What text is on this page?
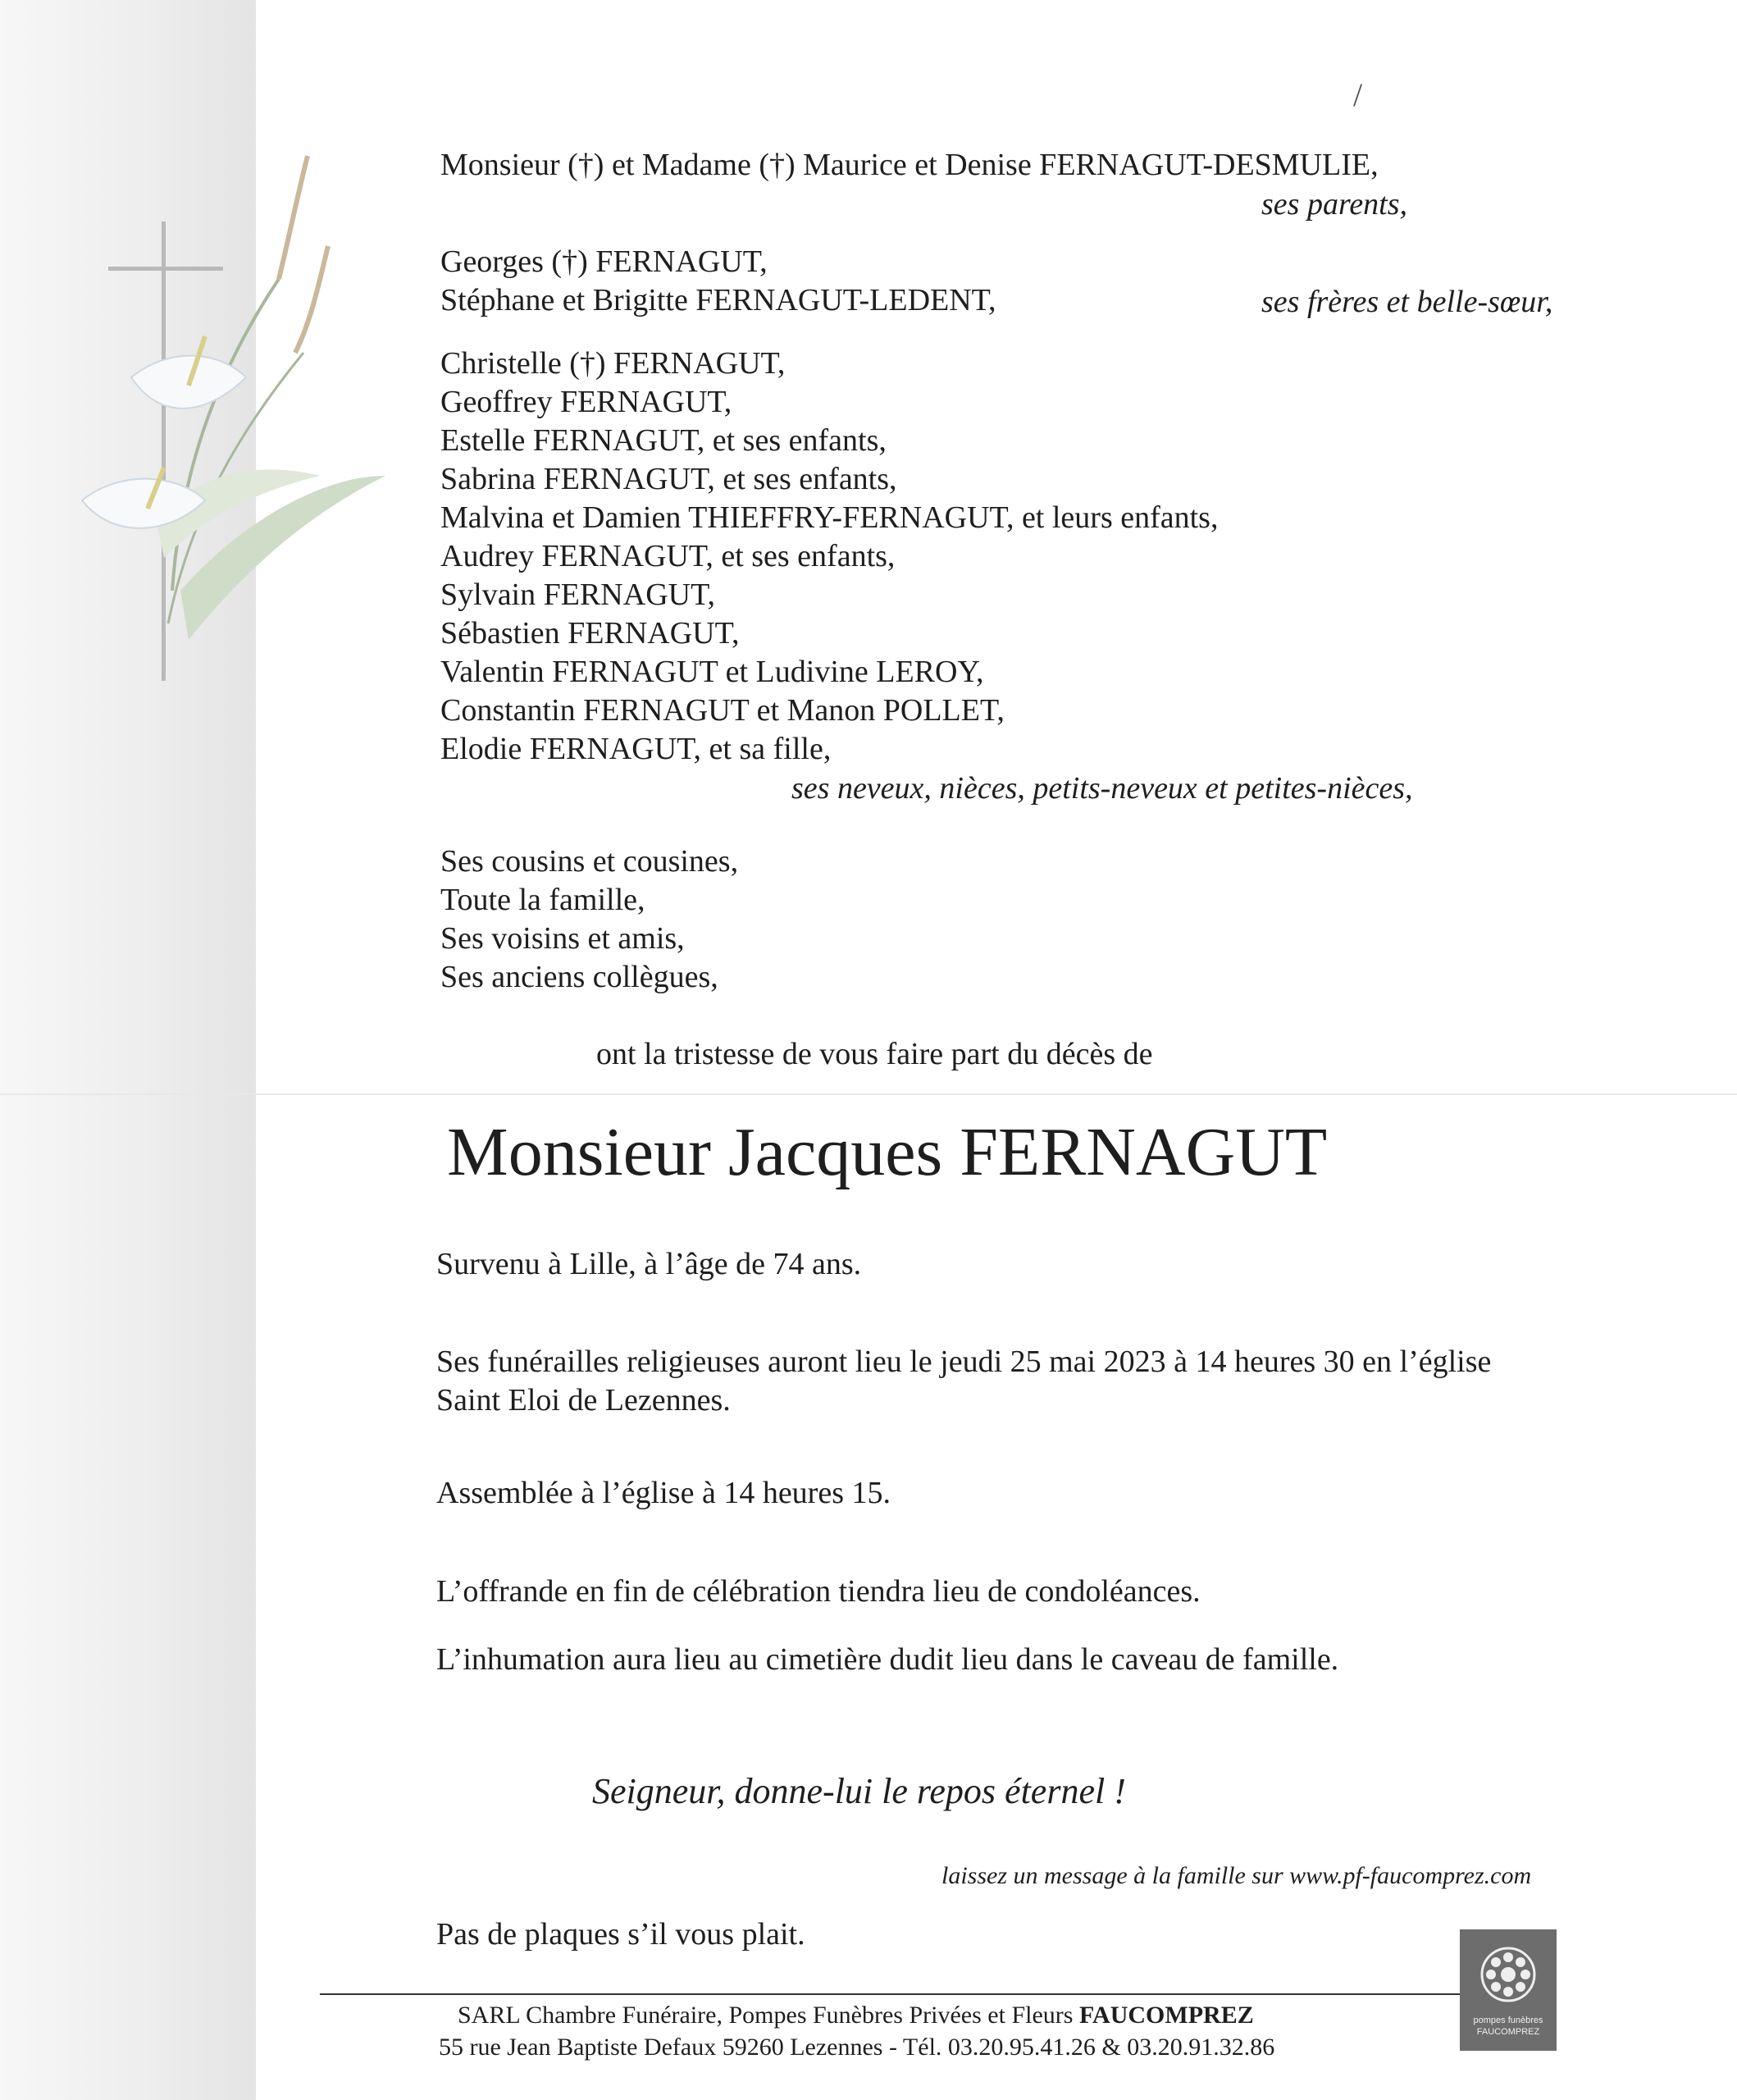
/
Monsieur (†) et Madame (†) Maurice et Denise FERNAGUT-DESMULIE,
ses parents,
Georges (†) FERNAGUT,
Stéphane et Brigitte FERNAGUT-LEDENT,	ses frères et belle-sœur,
Christelle (†) FERNAGUT,
Geoffrey FERNAGUT,
Estelle FERNAGUT, et ses enfants,
Sabrina FERNAGUT, et ses enfants,
Malvina et Damien THIEFFRY-FERNAGUT, et leurs enfants,
Audrey FERNAGUT, et ses enfants,
Sylvain FERNAGUT,
Sébastien FERNAGUT,
Valentin FERNAGUT et Ludivine LEROY,
Constantin FERNAGUT et Manon POLLET,
Elodie FERNAGUT, et sa fille,
ses neveux, nièces, petits-neveux et petites-nièces,
Ses cousins et cousines,
Toute la famille,
Ses voisins et amis,
Ses anciens collègues,
ont la tristesse de vous faire part du décès de
Monsieur Jacques FERNAGUT
Survenu à Lille, à l’âge de 74 ans.
Ses funérailles religieuses auront lieu le jeudi 25 mai 2023 à 14 heures 30 en l’église
Saint Eloi de Lezennes.
Assemblée à l’église à 14 heures 15.
L’offrande en fin de célébration tiendra lieu de condoléances.
L’inhumation aura lieu au cimetière dudit lieu dans le caveau de famille.
Seigneur, donne-lui le repos éternel !
laissez un message à la famille sur www.pf-faucomprez.com
Pas de plaques s’il vous plait.
SARL Chambre Funéraire, Pompes Funèbres Privées et Fleurs FAUCOMPREZ
55 rue Jean Baptiste Defaux 59260 Lezennes - Tél. 03.20.95.41.26 & 03.20.91.32.86
pompes funèbres
FAUCOMPREZ
